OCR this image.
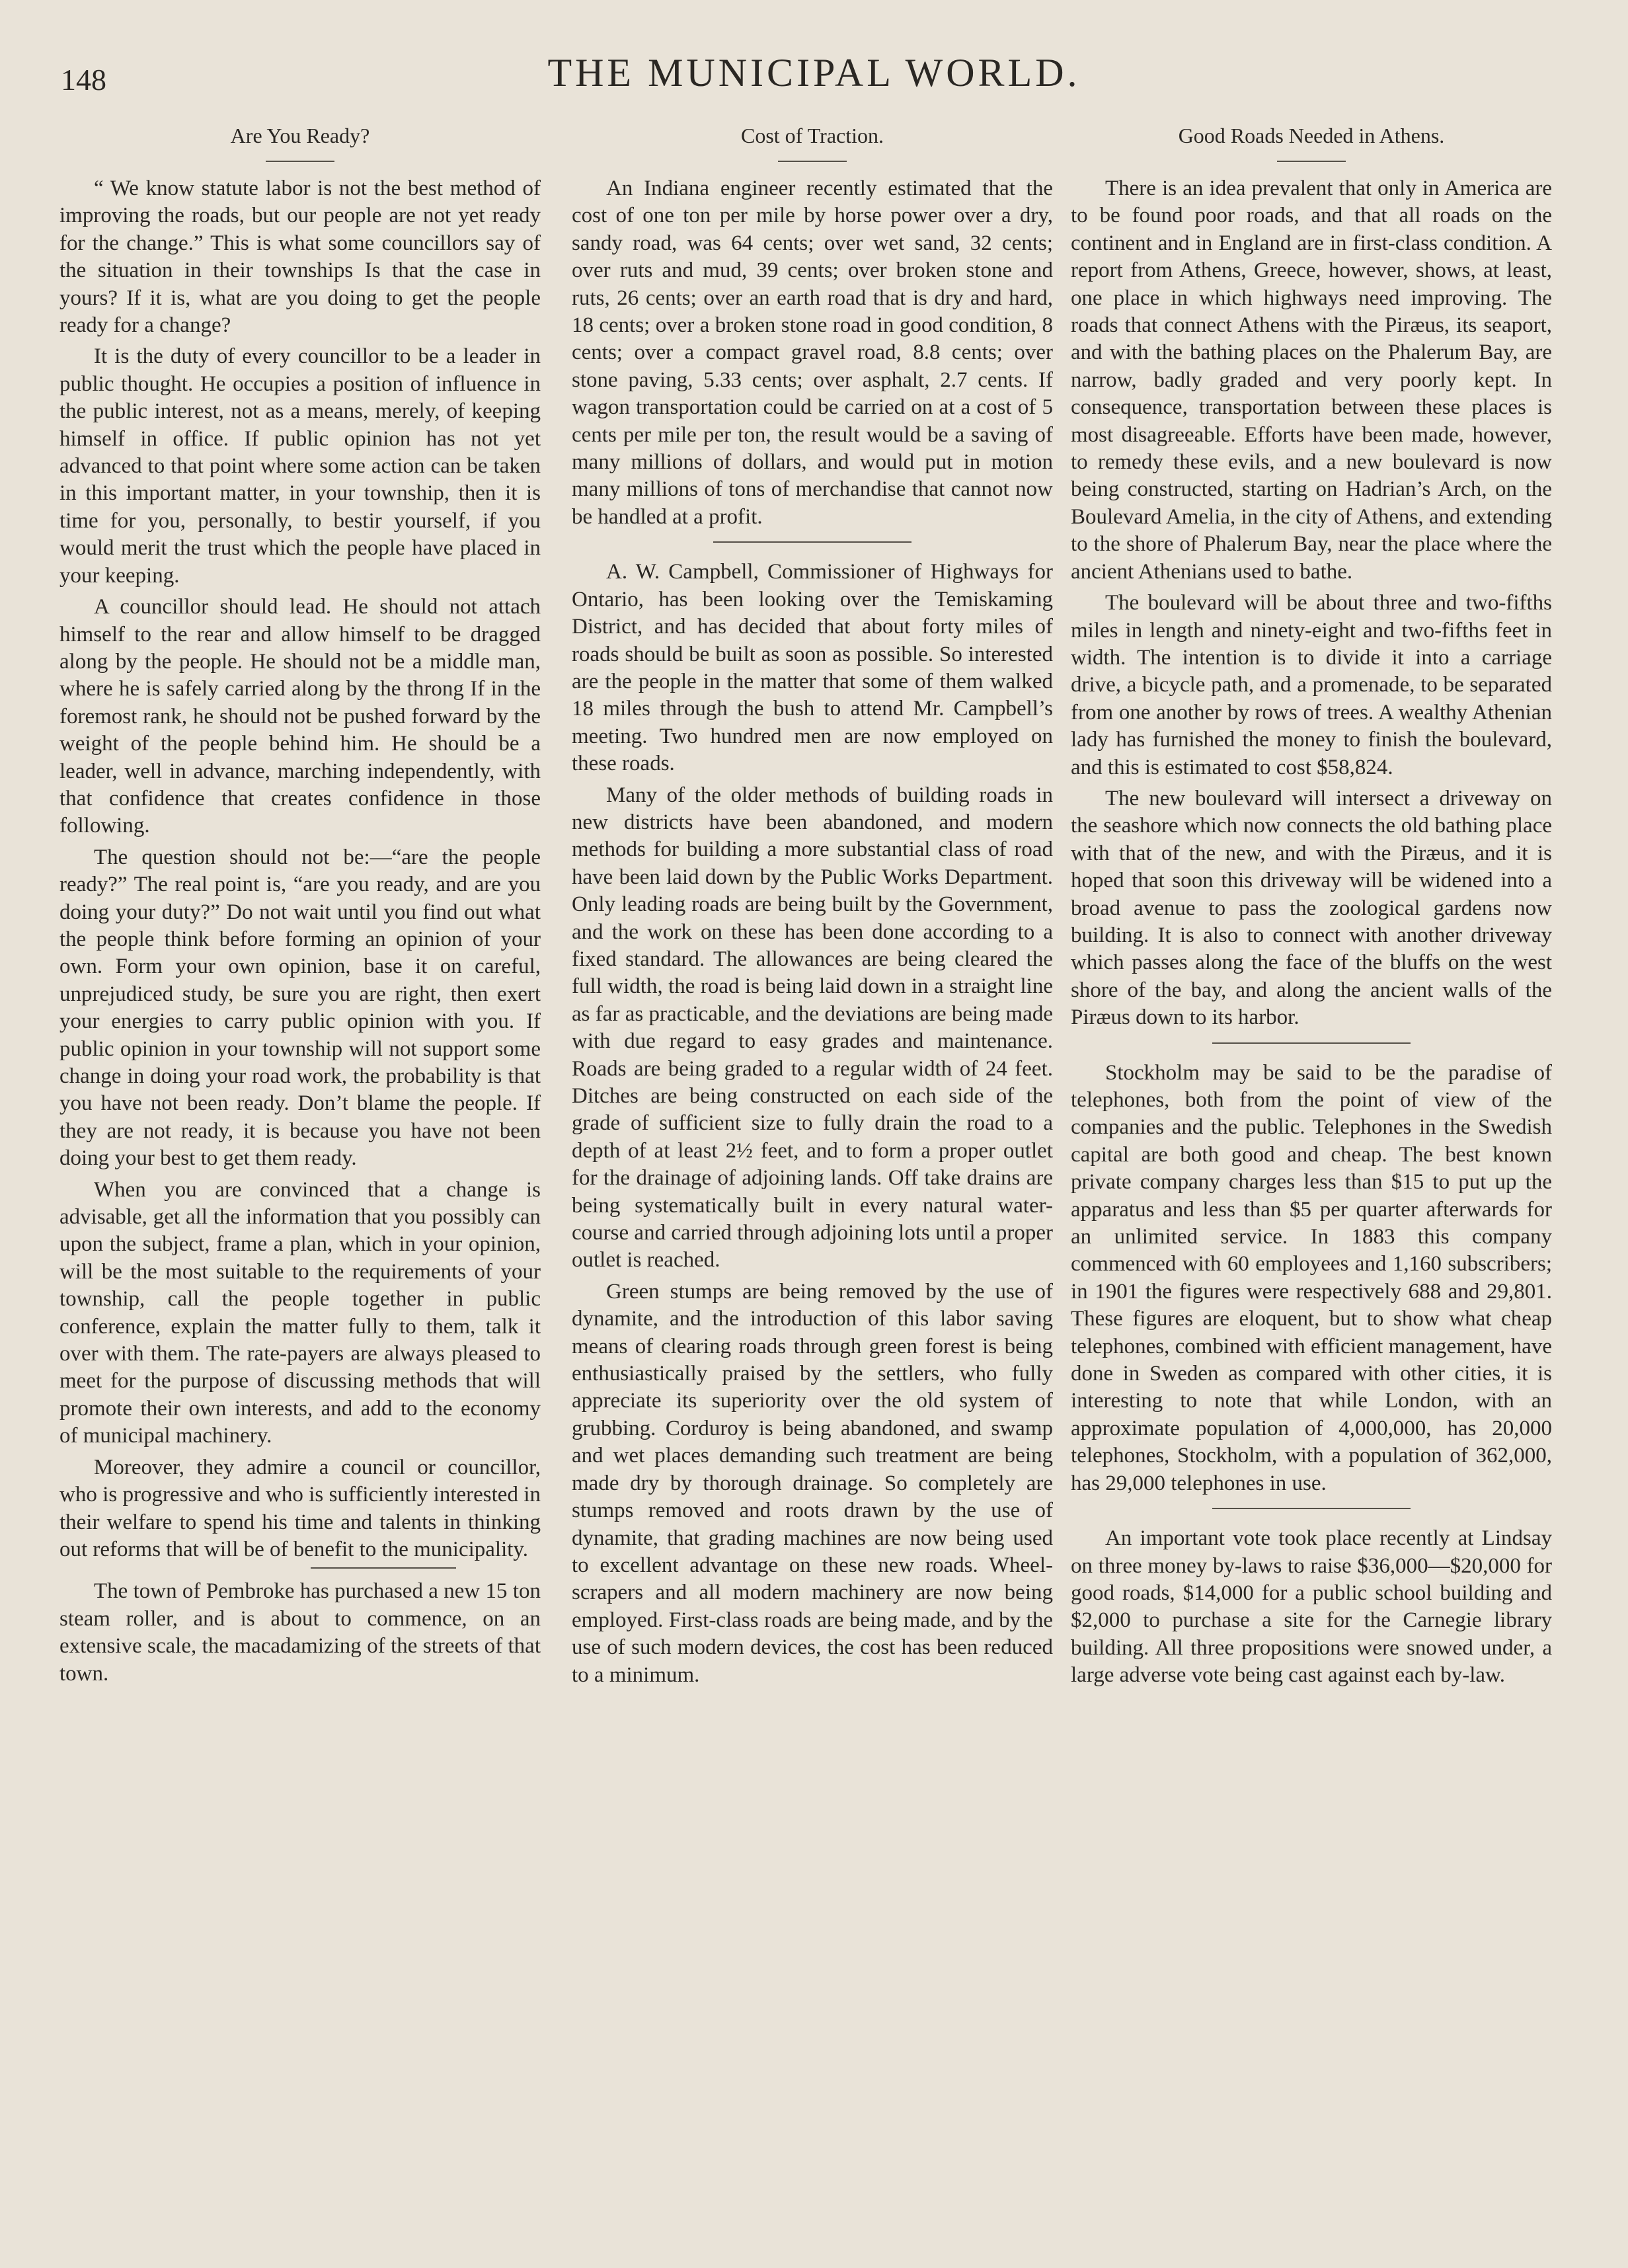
148	THE MUNICIPAL WORLD.
Are You Ready?

“ We know statute labor is not the best method of improving the roads, but our people are not yet ready for the change.” This is what some councillors say of the situation in their townships Is that the case in yours? If it is, what are you doing to get the people ready for a change?

It is the duty of every councillor to be a leader in public thought. He occupies a position of influence in the public interest, not as a means, merely, of keeping himself in office. If public opinion has not yet advanced to that point where some action can be taken in this important matter, in your township, then it is time for you, personally, to bestir yourself, if you would merit the trust which the people have placed in your keeping.

A councillor should lead. He should not attach himself to the rear and allow himself to be dragged along by the people. He should not be a middle man, where he is safely carried along by the throng If in the foremost rank, he should not be pushed forward by the weight of the people behind him. He should be a leader, well in advance, marching independently, with that confidence that creates confidence in those following.

The question should not be:—“are the people ready?” The real point is, “are you ready, and are you doing your duty?” Do not wait until you find out what the people think before forming an opinion of your own. Form your own opinion, base it on careful, unprejudiced study, be sure you are right, then exert your energies to carry public opinion with you. If public opinion in your township will not support some change in doing your road work, the probability is that you have not been ready. Don’t blame the people. If they are not ready, it is because you have not been doing your best to get them ready.

When you are convinced that a change is advisable, get all the information that you possibly can upon the subject, frame a plan, which in your opinion, will be the most suitable to the requirements of your township, call the people together in public conference, explain the matter fully to them, talk it over with them. The rate-payers are always pleased to meet for the purpose of discussing methods that will promote their own interests, and add to the economy of municipal machinery.

Moreover, they admire a council or councillor, who is progressive and who is sufficiently interested in their welfare to spend his time and talents in thinking out reforms that will be of benefit to the municipality.

The town of Pembroke has purchased a new 15 ton steam roller, and is about to commence, on an extensive scale, the macadamizing of the streets of that town.

Cost of Traction.

An Indiana engineer recently estimated that the cost of one ton per mile by horse power over a dry, sandy road, was 64 cents; over wet sand, 32 cents; over ruts and mud, 39 cents; over broken stone and ruts, 26 cents; over an earth road that is dry and hard, 18 cents; over a broken stone road in good condition, 8 cents; over a compact gravel road, 8.8 cents; over stone paving, 5.33 cents; over asphalt, 2.7 cents. If wagon transportation could be carried on at a cost of 5 cents per mile per ton, the result would be a saving of many millions of dollars, and would put in motion many millions of tons of merchandise that cannot now be handled at a profit.

A. W. Campbell, Commissioner of Highways for Ontario, has been looking over the Temiskaming District, and has decided that about forty miles of roads should be built as soon as possible. So interested are the people in the matter that some of them walked 18 miles through the bush to attend Mr. Campbell’s meeting. Two hundred men are now employed on these roads.

Many of the older methods of building roads in new districts have been abandoned, and modern methods for building a more substantial class of road have been laid down by the Public Works Department. Only leading roads are being built by the Government, and the work on these has been done according to a fixed standard. The allowances are being cleared the full width, the road is being laid down in a straight line as far as practicable, and the deviations are being made with due regard to easy grades and maintenance. Roads are being graded to a regular width of 24 feet. Ditches are being constructed on each side of the grade of sufficient size to fully drain the road to a depth of at least 2½ feet, and to form a proper outlet for the drainage of adjoining lands. Off take drains are being systematically built in every natural water-course and carried through adjoining lots until a proper outlet is reached.

Green stumps are being removed by the use of dynamite, and the introduction of this labor saving means of clearing roads through green forest is being enthusiastically praised by the settlers, who fully appreciate its superiority over the old system of grubbing. Corduroy is being abandoned, and swamp and wet places demanding such treatment are being made dry by thorough drainage. So completely are stumps removed and roots drawn by the use of dynamite, that grading machines are now being used to excellent advantage on these new roads. Wheel-scrapers and all modern machinery are now being employed. First-class roads are being made, and by the use of such modern devices, the cost has been reduced to a minimum.

Good Roads Needed in Athens.

There is an idea prevalent that only in America are to be found poor roads, and that all roads on the continent and in England are in first-class condition. A report from Athens, Greece, however, shows, at least, one place in which highways need improving. The roads that connect Athens with the Piræus, its seaport, and with the bathing places on the Phalerum Bay, are narrow, badly graded and very poorly kept. In consequence, transportation between these places is most disagreeable. Efforts have been made, however, to remedy these evils, and a new boulevard is now being constructed, starting on Hadrian’s Arch, on the Boulevard Amelia, in the city of Athens, and extending to the shore of Phalerum Bay, near the place where the ancient Athenians used to bathe.

The boulevard will be about three and two-fifths miles in length and ninety-eight and two-fifths feet in width. The intention is to divide it into a carriage drive, a bicycle path, and a promenade, to be separated from one another by rows of trees. A wealthy Athenian lady has furnished the money to finish the boulevard, and this is estimated to cost $58,824.

The new boulevard will intersect a driveway on the seashore which now connects the old bathing place with that of the new, and with the Piræus, and it is hoped that soon this driveway will be widened into a broad avenue to pass the zoological gardens now building. It is also to connect with another driveway which passes along the face of the bluffs on the west shore of the bay, and along the ancient walls of the Piræus down to its harbor.

Stockholm may be said to be the paradise of telephones, both from the point of view of the companies and the public. Telephones in the Swedish capital are both good and cheap. The best known private company charges less than $15 to put up the apparatus and less than $5 per quarter afterwards for an unlimited service. In 1883 this company commenced with 60 employees and 1,160 subscribers; in 1901 the figures were respectively 688 and 29,801. These figures are eloquent, but to show what cheap telephones, combined with efficient management, have done in Sweden as compared with other cities, it is interesting to note that while London, with an approximate population of 4,000,000, has 20,000 telephones, Stockholm, with a population of 362,000, has 29,000 telephones in use.

An important vote took place recently at Lindsay on three money by-laws to raise $36,000—$20,000 for good roads, $14,000 for a public school building and $2,000 to purchase a site for the Carnegie library building. All three propositions were snowed under, a large adverse vote being cast against each by-law.
